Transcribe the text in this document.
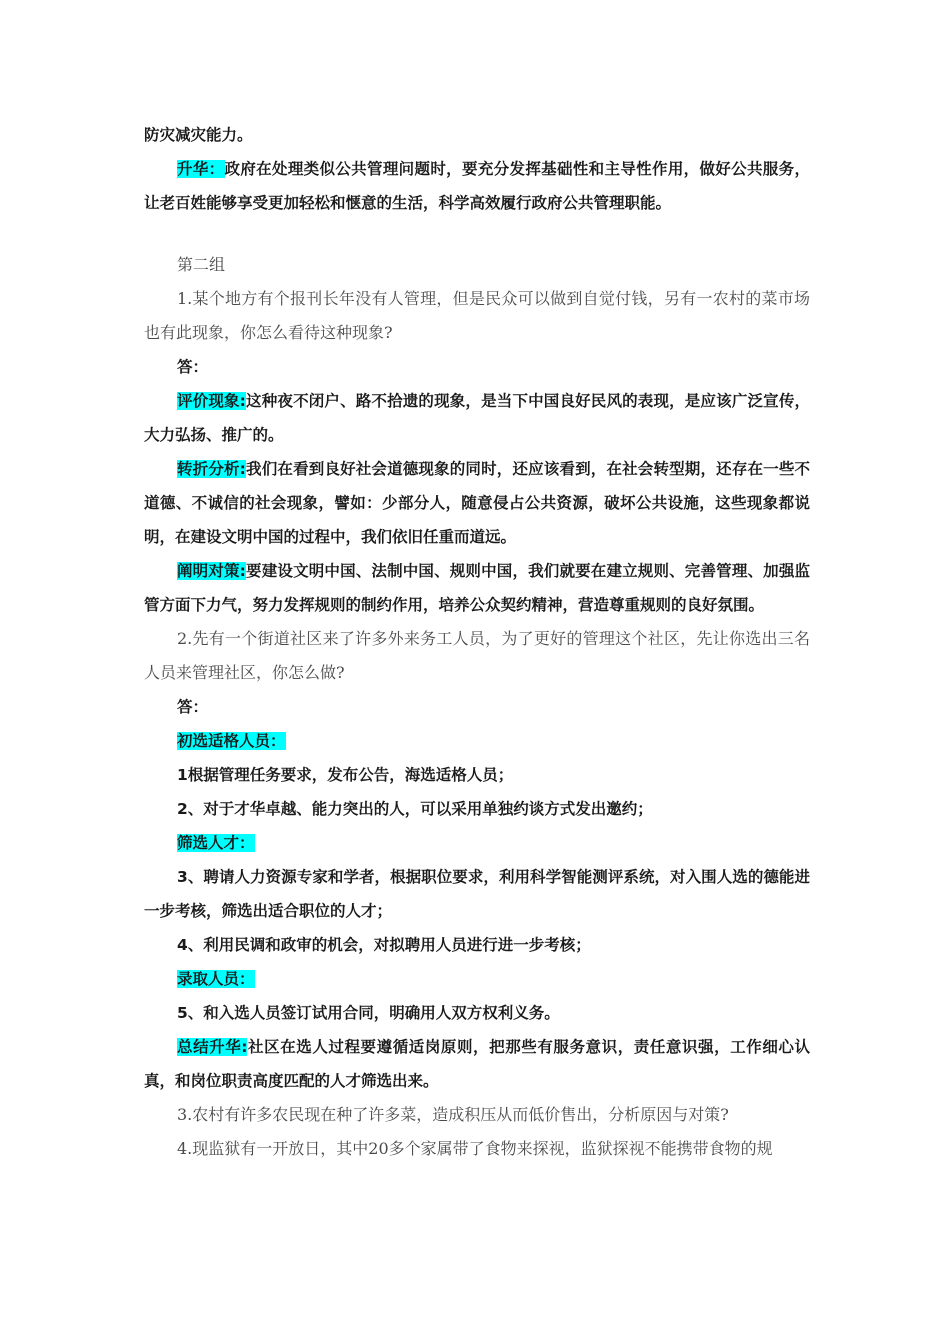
防灾减灾能力。

升华：政府在处理类似公共管理问题时，要充分发挥基础性和主导性作用，做好公共服务，让老百姓能够享受更加轻松和惬意的生活，科学高效履行政府公共管理职能。

第二组

1.某个地方有个报刊长年没有人管理，但是民众可以做到自觉付钱，另有一农村的菜市场也有此现象，你怎么看待这种现象?

答：

评价现象:这种夜不闭户、路不拾遗的现象，是当下中国良好民风的表现，是应该广泛宣传，大力弘扬、推广的。

转折分析:我们在看到良好社会道德现象的同时，还应该看到，在社会转型期，还存在一些不道德、不诚信的社会现象，譬如：少部分人，随意侵占公共资源，破坏公共设施，这些现象都说明，在建设文明中国的过程中，我们依旧任重而道远。

阐明对策:要建设文明中国、法制中国、规则中国，我们就要在建立规则、完善管理、加强监管方面下力气，努力发挥规则的制约作用，培养公众契约精神，营造尊重规则的良好氛围。

2.先有一个街道社区来了许多外来务工人员，为了更好的管理这个社区，先让你选出三名人员来管理社区，你怎么做?

答：

初选适格人员：

1根据管理任务要求，发布公告，海选适格人员；

2、对于才华卓越、能力突出的人，可以采用单独约谈方式发出邀约；

筛选人才：

3、聘请人力资源专家和学者，根据职位要求，利用科学智能测评系统，对入围人选的德能进一步考核，筛选出适合职位的人才；

4、利用民调和政审的机会，对拟聘用人员进行进一步考核；

录取人员：

5、和入选人员签订试用合同，明确用人双方权利义务。

总结升华:社区在选人过程要遵循适岗原则，把那些有服务意识，责任意识强，工作细心认真，和岗位职责高度匹配的人才筛选出来。

3.农村有许多农民现在种了许多菜，造成积压从而低价售出，分析原因与对策?

4.现监狱有一开放日，其中20多个家属带了食物来探视，监狱探视不能携带食物的规
